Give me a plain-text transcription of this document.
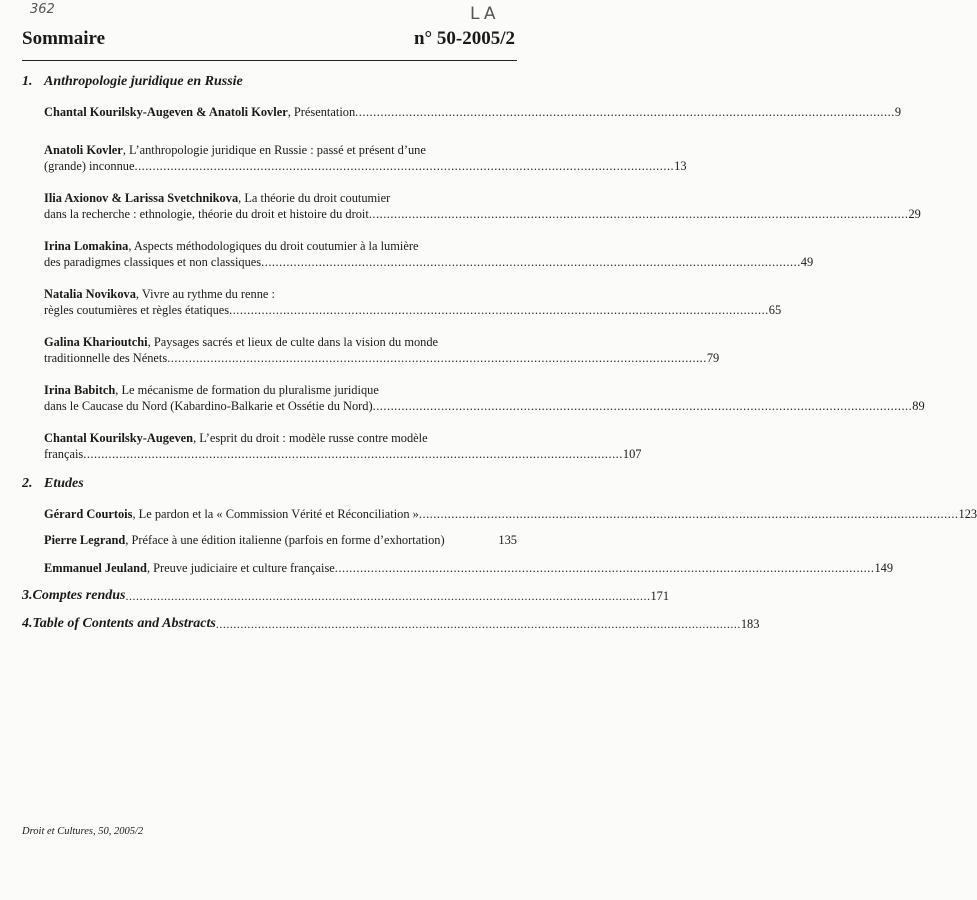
362	LA
Sommaire	n° 50-2005/2
1. Anthropologie juridique en Russie
Chantal Kourilsky-Augeven & Anatoli Kovler, Présentation .....	9
Anatoli Kovler, L’anthropologie juridique en Russie : passé et présent d’une
(grande) inconnue .....	13
Ilia Axionov & Larissa Svetchnikova, La théorie du droit coutumier
dans la recherche : ethnologie, théorie du droit et histoire du droit .....	29
Irina Lomakina, Aspects méthodologiques du droit coutumier à la lumière
des paradigmes classiques et non classiques .....	49
Natalia Novikova, Vivre au rythme du renne :
règles coutumières et règles étatiques .....	65
Galina Kharioutchi, Paysages sacrés et lieux de culte dans la vision du monde
traditionnelle des Nénets .....	79
Irina Babitch, Le mécanisme de formation du pluralisme juridique
dans le Caucase du Nord (Kabardino-Balkarie et Ossétie du Nord) .....	89
Chantal Kourilsky-Augeven, L’esprit du droit : modèle russe contre modèle
français .....	107
2. Etudes
Gérard Courtois, Le pardon et la « Commission Vérité et Réconciliation » .....	123
Pierre Legrand, Préface à une édition italienne (parfois en forme d’exhortation)	135
Emmanuel Jeuland, Preuve judiciaire et culture française .....	149
3. Comptes rendus .....	171
4. Table of Contents and Abstracts .....	183
Droit et Cultures, 50, 2005/2
